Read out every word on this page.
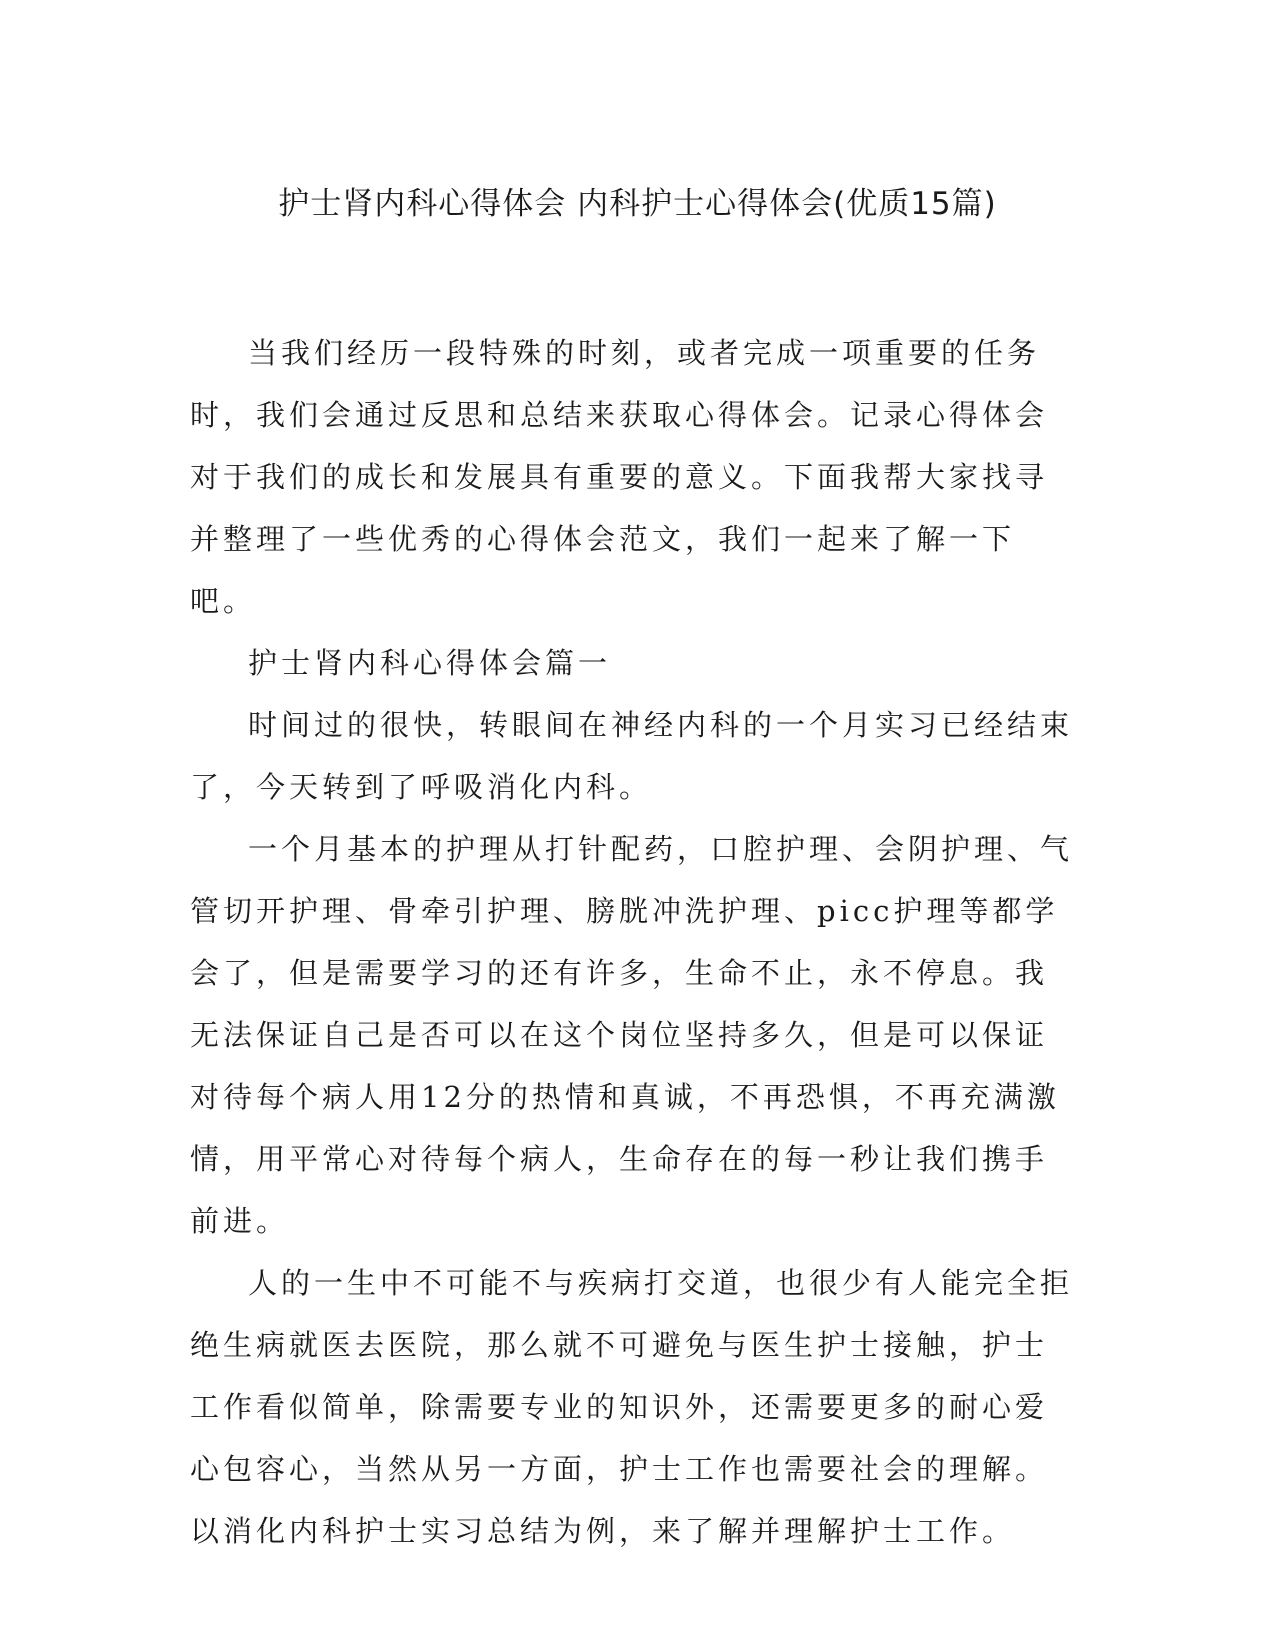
护士肾内科心得体会 内科护士心得体会(优质15篇)

当我们经历一段特殊的时刻，或者完成一项重要的任务时，我们会通过反思和总结来获取心得体会。记录心得体会对于我们的成长和发展具有重要的意义。下面我帮大家找寻并整理了一些优秀的心得体会范文，我们一起来了解一下吧。

护士肾内科心得体会篇一

时间过的很快，转眼间在神经内科的一个月实习已经结束了，今天转到了呼吸消化内科。

一个月基本的护理从打针配药，口腔护理、会阴护理、气管切开护理、骨牵引护理、膀胱冲洗护理、picc护理等都学会了，但是需要学习的还有许多，生命不止，永不停息。我无法保证自己是否可以在这个岗位坚持多久，但是可以保证对待每个病人用12分的热情和真诚，不再恐惧，不再充满激情，用平常心对待每个病人，生命存在的每一秒让我们携手前进。

人的一生中不可能不与疾病打交道，也很少有人能完全拒绝生病就医去医院，那么就不可避免与医生护士接触，护士工作看似简单，除需要专业的知识外，还需要更多的耐心爱心包容心，当然从另一方面，护士工作也需要社会的理解。以消化内科护士实习总结为例，来了解并理解护士工作。
